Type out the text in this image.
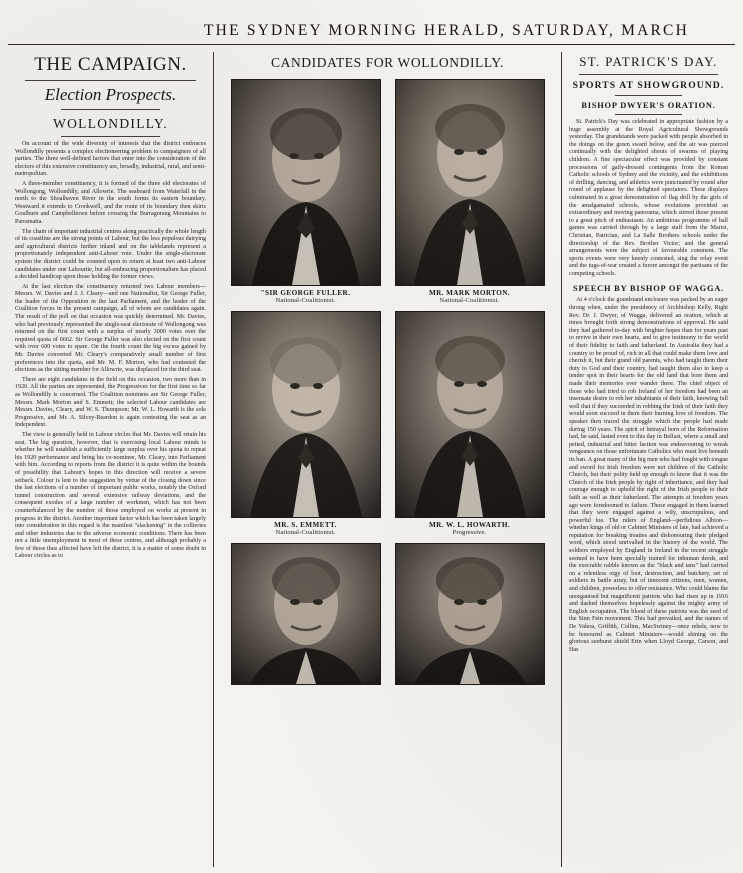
THE SYDNEY MORNING HERALD, SATURDAY, MARCH
THE CAMPAIGN.
Election Prospects.
WOLLONDILLY.

On account of the wide diversity of interests that the district embraces Wollondilly presents a complex electioneering problem to campaigners of all parties. The three well-defined factors that enter into the consideration of the electors of this extensive constituency are, broadly, industrial, rural, and semi-metropolitan.

A three-member constituency, it is formed of the three old electorates of Wollongong, Wollondilly, and Allowrie. The seaboard from Waterfall in the north to the Shoalhaven River in the south forms its eastern boundary. Westward it extends to Crookwell, and the route of its boundary then skirts Goulburn and Campbelltown before crossing the Burragorang Mountains to Parramatta.

The chain of important industrial centres along practically the whole length of its coastline are the strong points of Labour, but the less populous dairying and agricultural districts further inland and on the tablelands represent a proportionately independent anti-Labour vote. Under the single-electorate system the district could be counted upon to return at least two anti-Labour candidates under one Labourite, but all-embracing proportionalism has placed a decided handicap upon those holding the former views.

At the last election the constituency returned two Labour members—Messrs. W. Davies and J. J. Cleary—and one Nationalist, Sir George Fuller, the leader of the Opposition in the last Parliament, and the leader of the Coalition forces in the present campaign, all of whom are candidates again. The result of the poll on that occasion was quickly determined. Mr. Davies, who had previously represented the single-seat electorate of Wollongong was returned on the first count with a surplus of nearly 3000 votes over the required quota of 6662. Sir George Fuller was also elected on the first count with over 600 votes to spare. On the fourth count the big excess gained by Mr. Davies converted Mr. Cleary's comparatively small number of first preferences into the quota, and Mr. M. F. Morton, who had contested the elections as the sitting member for Allowrie, was displaced for the third seat.

There are eight candidates in the field on this occasion, two more than in 1920. All the parties are represented, the Progressives for the first time so far as Wollondilly is concerned. The Coalition nominees are Sir George Fuller, Messrs. Mark Morton and S. Emmett; the selected Labour candidates are Messrs. Davies, Cleary, and W. S. Thompson; Mr. W. L. Howarth is the sole Progressive, and Mr. A. Silvey-Reardon is again contesting the seat as an Independent.

The view is generally held in Labour circles that Mr. Davies will retain his seat. The big question, however, that is exercising local Labour minds is whether he will establish a sufficiently large surplus over his quota to repeat his 1920 performance and bring his co-nominee, Mr. Cleary, into Parliament with him. According to reports from the district it is quite within the bounds of possibility that Labour's hopes in this direction will receive a severe setback. Colour is lent to the suggestion by virtue of the closing down since the last elections of a number of important public works, notably the Oxford tunnel construction and several extensive railway deviations, and the consequent exodus of a large number of workmen, which has not been counterbalanced by the number of those employed on works at present in progress in the district. Another important factor which has been taken largely into consideration in this regard is the manifest "slackening" in the collieries and other industries due to the adverse economic conditions. There has been not a little unemployment in most of these centres, and although probably a few of those thus affected have left the district, it is a matter of some doubt in Labour circles as to

CANDIDATES FOR WOLLONDILLY.
"SIR GEORGE FULLER.
National-Coalitionist.
MR. MARK MORTON.
National-Coalitionist.
MR. S. EMMETT.
National-Coalitionist.
MR. W. L. HOWARTH.
Progressive.
ST. PATRICK'S DAY.
SPORTS AT SHOWGROUND.
BISHOP DWYER'S ORATION.

St. Patrick's Day was celebrated in appropriate fashion by a huge assembly at the Royal Agricultural Showgrounds yesterday. The grandstands were packed with people absorbed in the doings on the green sward below, and the air was pierced continually with the delighted shouts of swarms of playing children. A fine spectacular effect was provided by constant processions of gaily-dressed contingents from the Roman Catholic schools of Sydney and the vicinity, and the exhibitions of drilling, dancing, and athletics were punctuated by round after round of applause by the delighted spectators. These displays culminated in a great demonstration of flag drill by the girls of the amalgamated schools, whose evolutions provided an extraordinary and moving panorama, which stirred those present to a great pitch of enthusiasm. An ambitious programme of ball games was carried through by a large staff from the Marist, Christian, Patrician, and La Salle Brothers schools under the directorship of the Rev. Brother Victor; and the general arrangements were the subject of favourable comment. The sports events were very keenly contested, sing the relay event and the tugs-of-war created a furore amongst the partisans of the competing schools.

SPEECH BY BISHOP OF WAGGA.

At 4 o'clock the grandstand enclosure was packed by an eager throng when, under the presidency of Archbishop Kelly, Right Rev. Dr. J. Dwyer, of Wagga, delivered an oration, which at times brought forth strong demonstrations of approval. He said they had gathered to-day with brighter hopes than for years past to revive in their own hearts, and to give testimony to the world of their fidelity to faith and fatherland. In Australia they had a country to be proud of, rich in all that could make them love and cherish it, but their grand old parents, who had taught them their duty to God and their country, had taught them also to keep a tender spot in their hearts for the old land that bore them and made their memories ever wander there. The chief object of those who had tried to rob Ireland of her freedom had been an insensate desire to rob her inhabitants of their faith, knowing full well that if they succeeded in robbing the Irish of their faith they would soon succeed in them their burning love of freedom. The speaker then traced the struggle which the people had made during 150 years. The spirit of betrayal born of the Reformation had, he said, lasted even to this day in Belfast, where a small and petted, industrial and bitter faction was endeavouring to wreak vengeance on those unfortunate Catholics who must live beneath its ban. A great many of the big men who had fought with tongue and sword for Irish freedom were not children of the Catholic Church, but their polity held up enough to know that it was the Church of the Irish people by right of inheritance, and they had courage enough to uphold the right of the Irish people to their faith as well as their fatherland. The attempts at freedom years ago were foredoomed to failure. Those engaged in them learned that they were engaged against a wily, unscrupulous, and powerful foe. The rulers of England—perfidious Albion—whether kings of old or Cabinet Ministers of late, had achieved a reputation for breaking treaties and dishonouring their pledged word, which stood unrivalled in the history of the world. The soldiers employed by England in Ireland in the recent struggle seemed to have been specially trained for inhuman deeds, and the execrable rabble known as the "black and tans" had carried on a relentless orgy of loot, destruction, and butchery, set of soldiers in battle array, but of innocent citizens, men, women, and children, powerless to offer resistance. Who could blame the unorganised but magnificent patriots who had risen up in 1916 and dashed themselves hopelessly against the mighty army of English occupation. The blood of these patriots was the seed of the Sinn Fein movement. This had prevailed, and the names of De Valera, Griffith, Collins, MacSwiney—once rebels, now to be honoured as Cabinet Ministers—would shining on the glorious sunburst shield Erin when Lloyd George, Carson, and Has
